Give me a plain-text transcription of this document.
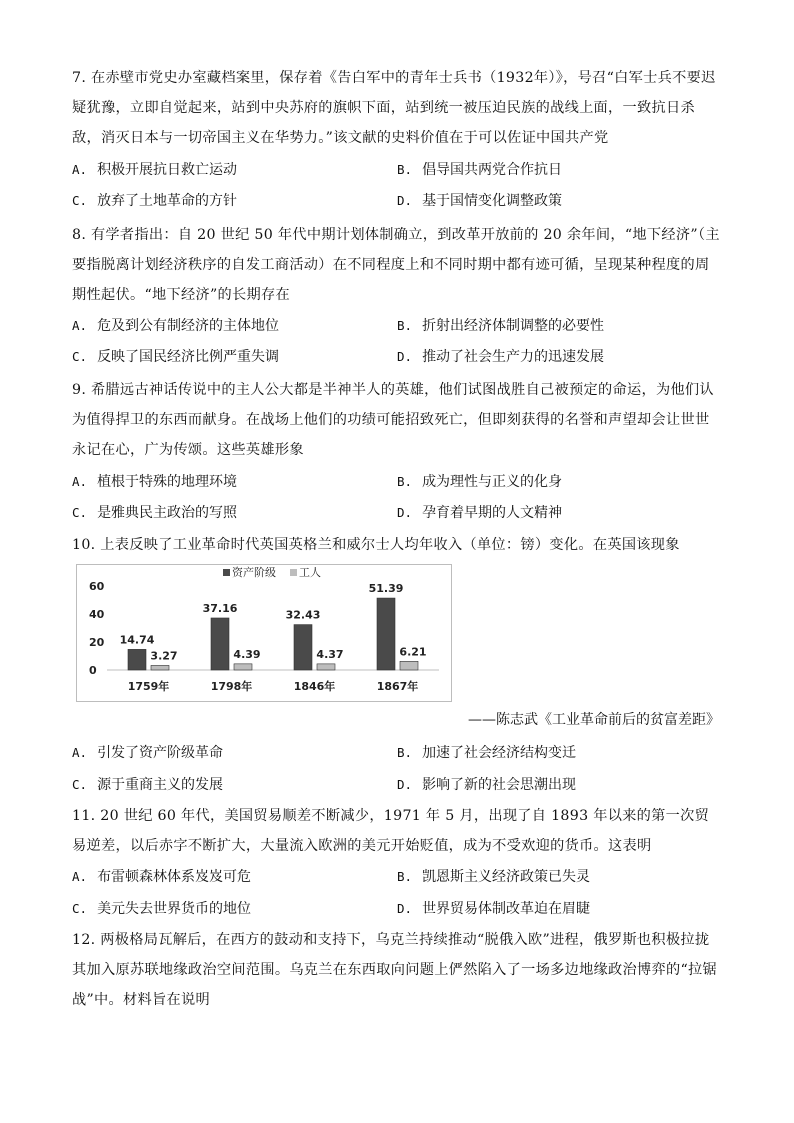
7. 在赤壁市党史办室藏档案里，保存着《告白军中的青年士兵书（1932年）》，号召“白军士兵不要迟疑犹豫，立即自觉起来，站到中央苏府的旗帜下面，站到统一被压迫民族的战线上面，一致抗日杀敌，消灭日本与一切帝国主义在华势力。”该文献的史料价值在于可以佐证中国共产党
A. 积极开展抗日救亡运动	B. 倡导国共两党合作抗日
C. 放弃了土地革命的方针	D. 基于国情变化调整政策
8. 有学者指出：自 20 世纪 50 年代中期计划体制确立，到改革开放前的 20 余年间，“地下经济”（主要指脱离计划经济秩序的自发工商活动）在不同程度上和不同时期中都有迹可循，呈现某种程度的周期性起伏。“地下经济”的长期存在
A. 危及到公有制经济的主体地位	B. 折射出经济体制调整的必要性
C. 反映了国民经济比例严重失调	D. 推动了社会生产力的迅速发展
9. 希腊远古神话传说中的主人公大都是半神半人的英雄，他们试图战胜自己被预定的命运，为他们认为值得捍卫的东西而献身。在战场上他们的功绩可能招致死亡，但即刻获得的名誉和声望却会让世世永记在心，广为传颂。这些英雄形象
A. 植根于特殊的地理环境	B. 成为理性与正义的化身
C. 是雅典民主政治的写照	D. 孕育着早期的人文精神
10. 上表反映了工业革命时代英国英格兰和威尔士人均年收入（单位：镑）变化。在英国该现象
0
20
40
60
资产阶级 工人
14.74
3.27
1759年
37.16
4.39
1798年
32.43
4.37
1846年
51.39
6.21
1867年
——陈志武《工业革命前后的贫富差距》
A. 引发了资产阶级革命	B. 加速了社会经济结构变迁
C. 源于重商主义的发展	D. 影响了新的社会思潮出现
11. 20 世纪 60 年代，美国贸易顺差不断减少，1971 年 5 月，出现了自 1893 年以来的第一次贸易逆差，以后赤字不断扩大，大量流入欧洲的美元开始贬值，成为不受欢迎的货币。这表明
A. 布雷顿森林体系岌岌可危	B. 凯恩斯主义经济政策已失灵
C. 美元失去世界货币的地位	D. 世界贸易体制改革迫在眉睫
12. 两极格局瓦解后，在西方的鼓动和支持下，乌克兰持续推动“脱俄入欧”进程，俄罗斯也积极拉拢其加入原苏联地缘政治空间范围。乌克兰在东西取向问题上俨然陷入了一场多边地缘政治博弈的“拉锯战”中。材料旨在说明
